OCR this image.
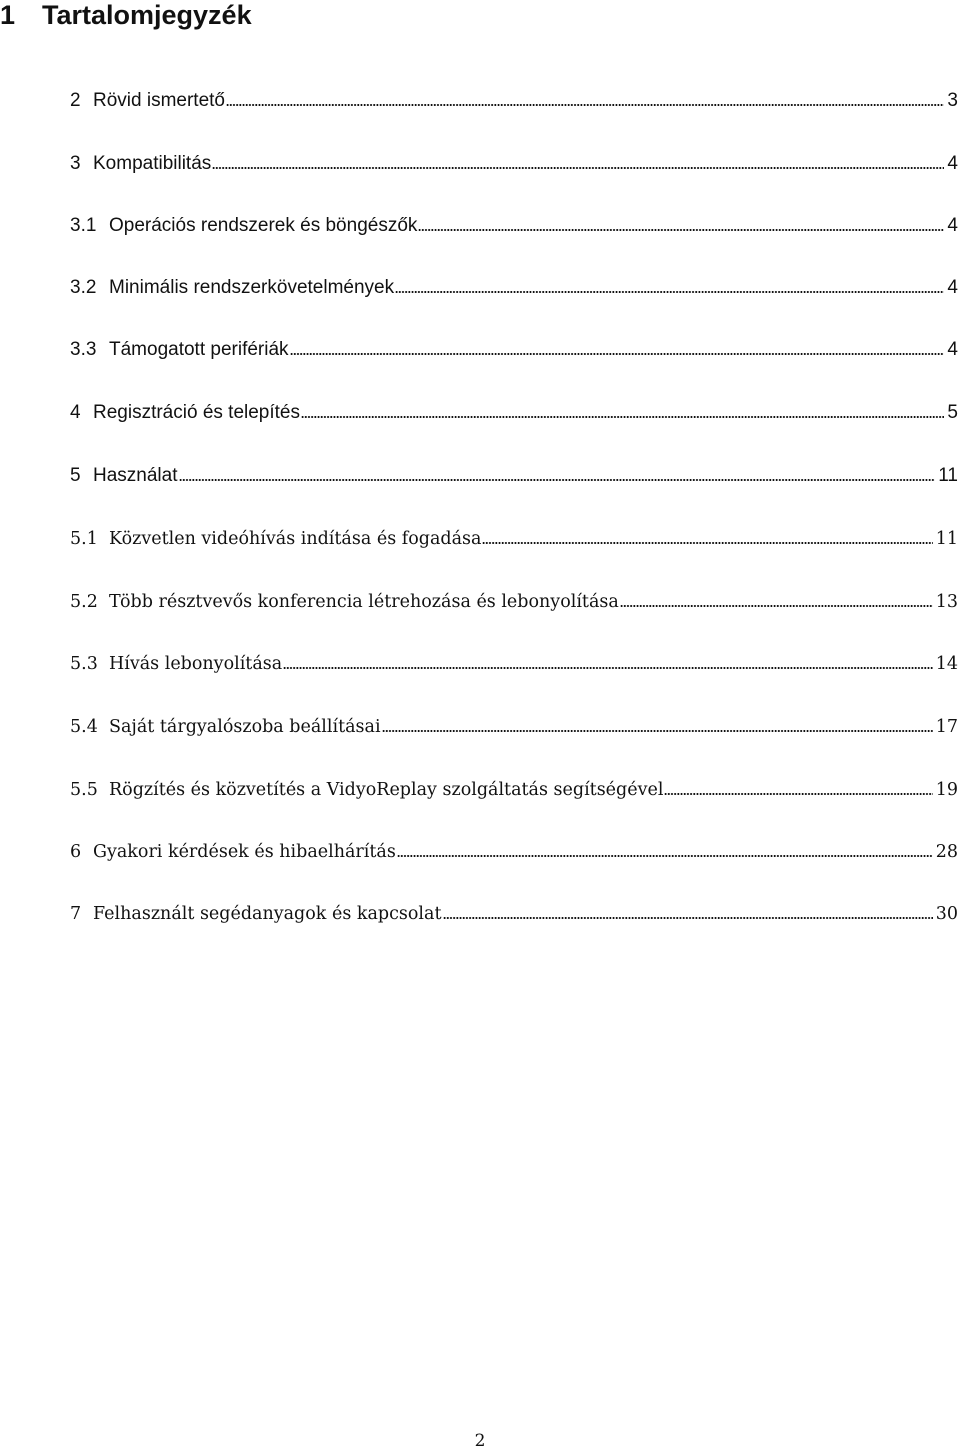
1 Tartalomjegyzék
2 Rövid ismertető	3
3 Kompatibilitás	4
3.1 Operációs rendszerek és böngészők	4
3.2 Minimális rendszerkövetelmények	4
3.3 Támogatott perifériák	4
4 Regisztráció és telepítés	5
5 Használat	11
5.1 Közvetlen videóhívás indítása és fogadása	11
5.2 Több résztvevős konferencia létrehozása és lebonyolítása	13
5.3 Hívás lebonyolítása	14
5.4 Saját tárgyalószoba beállításai	17
5.5 Rögzítés és közvetítés a VidyoReplay szolgáltatás segítségével	19
6 Gyakori kérdések és hibaelhárítás	28
7 Felhasznált segédanyagok és kapcsolat	30
2
